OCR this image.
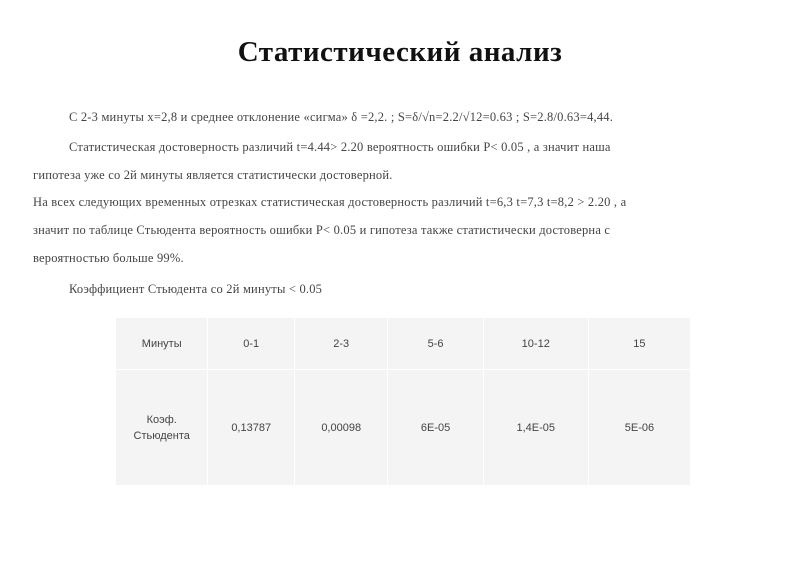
Статистический анализ
С 2-3 минуты x=2,8 и среднее отклонение «сигма» δ =2,2. ; S=δ/√n=2.2/√12=0.63 ; S=2.8/0.63=4,44.
Статистическая достоверность различий t=4.44> 2.20 вероятность ошибки P< 0.05 , а значит наша
гипотеза уже со 2й минуты является статистически достоверной.
На всех следующих временных отрезках статистическая достоверность различий t=6,3 t=7,3 t=8,2 > 2.20 , а
значит по таблице Стьюдента вероятность ошибки P< 0.05 и гипотеза также статистически достоверна с
вероятностью больше 99%.
Коэффициент Стьюдента со 2й минуты < 0.05
Минуты	0-1	2-3	5-6	10-12	15

Коэф.
Стьюдента	0,13787	0,00098	6E-05	1,4E-05	5E-06
